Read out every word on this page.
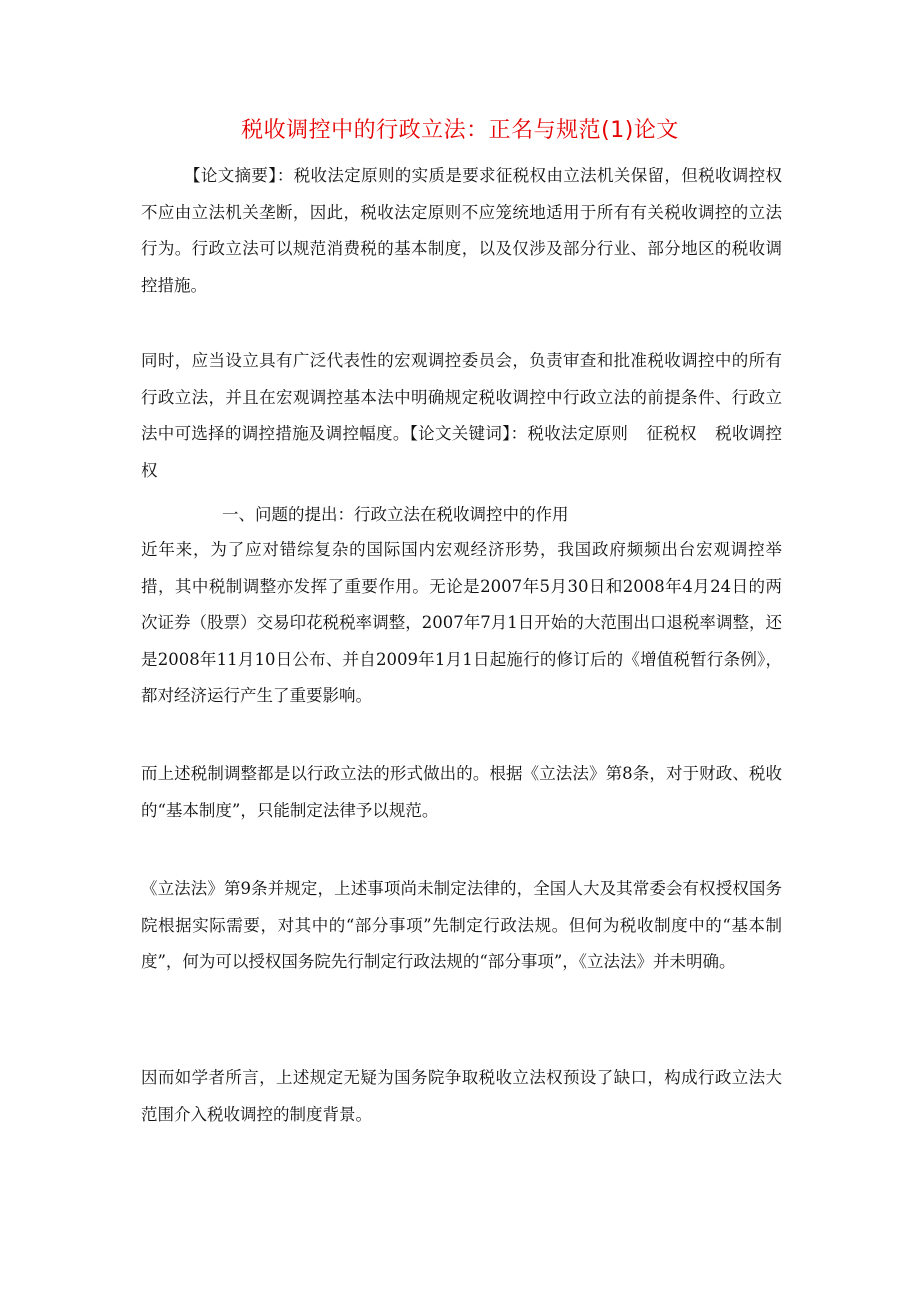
税收调控中的行政立法：正名与规范(1)论文

【论文摘要】：税收法定原则的实质是要求征税权由立法机关保留，但税收调控权不应由立法机关垄断，因此，税收法定原则不应笼统地适用于所有有关税收调控的立法行为。行政立法可以规范消费税的基本制度，以及仅涉及部分行业、部分地区的税收调控措施。

同时，应当设立具有广泛代表性的宏观调控委员会，负责审查和批准税收调控中的所有行政立法，并且在宏观调控基本法中明确规定税收调控中行政立法的前提条件、行政立法中可选择的调控措施及调控幅度。【论文关键词】：税收法定原则 征税权 税收调控权

一、问题的提出：行政立法在税收调控中的作用

近年来，为了应对错综复杂的国际国内宏观经济形势，我国政府频频出台宏观调控举措，其中税制调整亦发挥了重要作用。无论是2007年5月30日和2008年4月24日的两次证券（股票）交易印花税税率调整，2007年7月1日开始的大范围出口退税率调整，还是2008年11月10日公布、并自2009年1月1日起施行的修订后的《增值税暂行条例》，都对经济运行产生了重要影响。

而上述税制调整都是以行政立法的形式做出的。根据《立法法》第8条，对于财政、税收的“基本制度”，只能制定法律予以规范。

《立法法》第9条并规定，上述事项尚未制定法律的，全国人大及其常委会有权授权国务院根据实际需要，对其中的“部分事项”先制定行政法规。但何为税收制度中的“基本制度”，何为可以授权国务院先行制定行政法规的“部分事项”，《立法法》并未明确。

因而如学者所言，上述规定无疑为国务院争取税收立法权预设了缺口，构成行政立法大范围介入税收调控的制度背景。
